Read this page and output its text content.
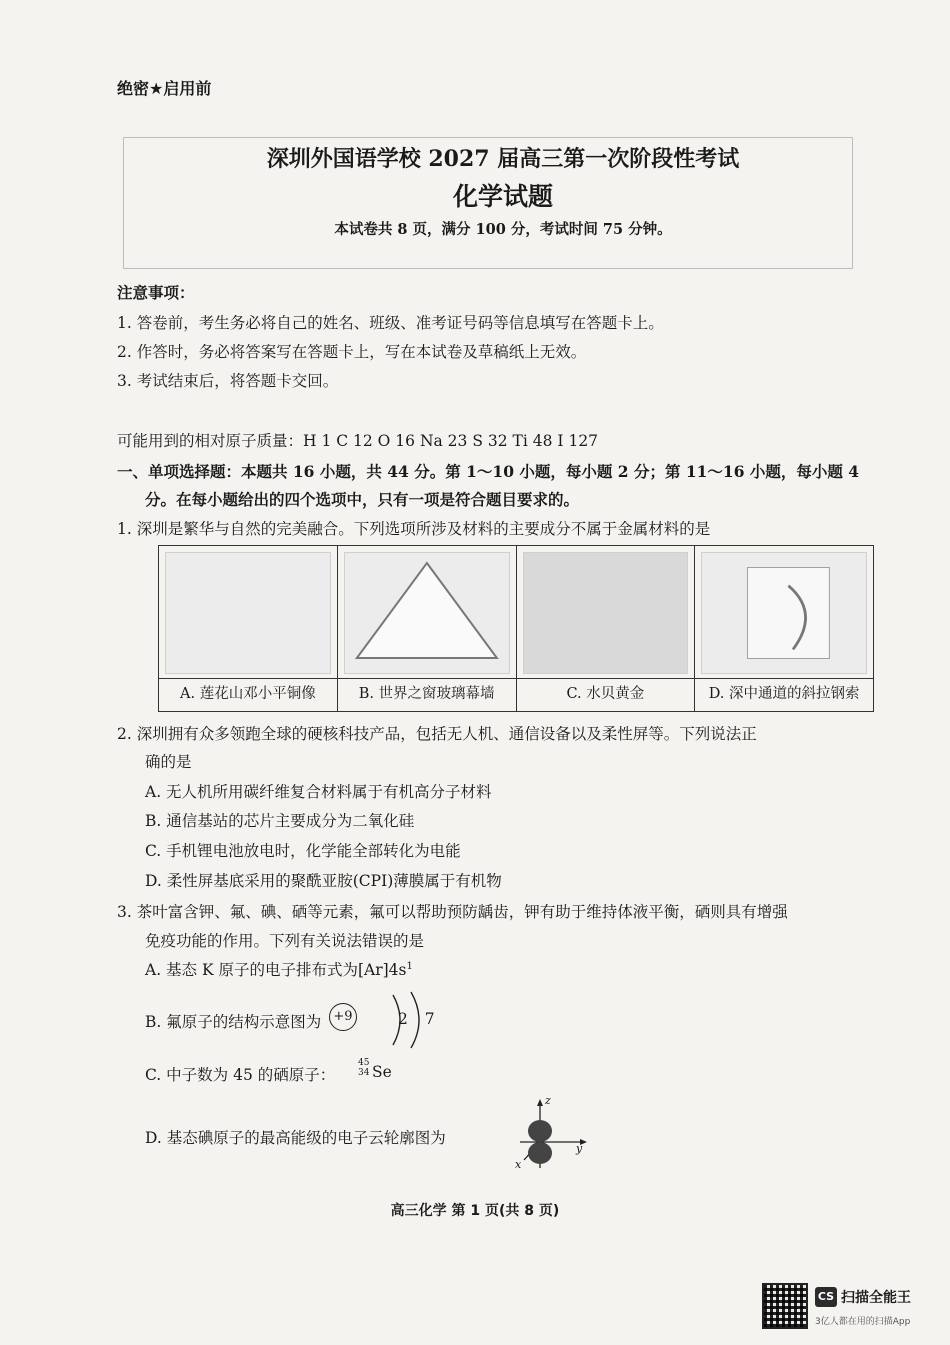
绝密★启用前
深圳外国语学校 2027 届高三第一次阶段性考试
化学试题
本试卷共 8 页，满分 100 分，考试时间 75 分钟。
注意事项：
1. 答卷前，考生务必将自己的姓名、班级、准考证号码等信息填写在答题卡上。
2. 作答时，务必将答案写在答题卡上，写在本试卷及草稿纸上无效。
3. 考试结束后，将答题卡交回。
可能用到的相对原子质量：H 1 C 12 O 16 Na 23 S 32 Ti 48 I 127
一、单项选择题：本题共 16 小题，共 44 分。第 1～10 小题，每小题 2 分；第 11～16 小题，每小题 4
分。在每小题给出的四个选项中，只有一项是符合题目要求的。
1. 深圳是繁华与自然的完美融合。下列选项所涉及材料的主要成分不属于金属材料的是
A. 莲花山邓小平铜像	B. 世界之窗玻璃幕墙	C. 水贝黄金	D. 深中通道的斜拉钢索
2. 深圳拥有众多领跑全球的硬核科技产品，包括无人机、通信设备以及柔性屏等。下列说法正
确的是
A. 无人机所用碳纤维复合材料属于有机高分子材料
B. 通信基站的芯片主要成分为二氧化硅
C. 手机锂电池放电时，化学能全部转化为电能
D. 柔性屏基底采用的聚酰亚胺(CPI)薄膜属于有机物
3. 茶叶富含钾、氟、碘、硒等元素，氟可以帮助预防龋齿，钾有助于维持体液平衡，硒则具有增强
免疫功能的作用。下列有关说法错误的是
A. 基态 K 原子的电子排布式为$[Ar]4s^1$
B. 氟原子的结构示意图为 +9	2 7
C. 中子数为 45 的硒原子：
45
34 Se
D. 基态碘原子的最高能级的电子云轮廓图为
z
y
x
高三化学 第 1 页(共 8 页)
CS 扫描全能王
3亿人都在用的扫描App
